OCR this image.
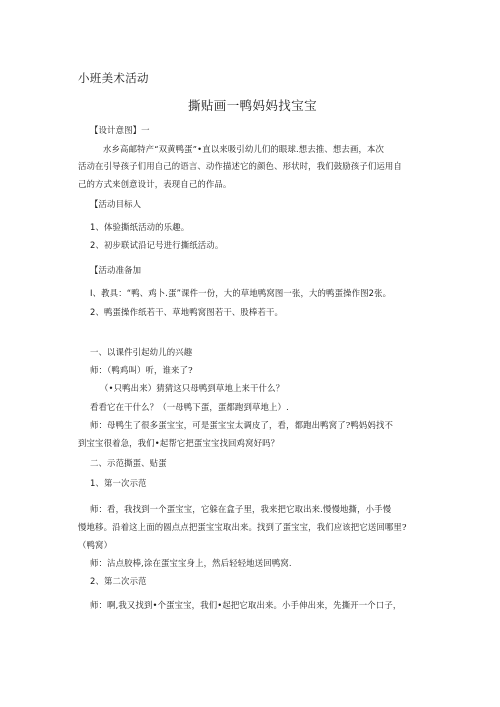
小班美术活动
撕贴画一鸭妈妈找宝宝
【设计意图】一
水乡高邮特产“双黄鸭蛋”•直以来吸引幼儿们的眼球.想去推、想去画，本次
活动在引导孩子们用自己的语言、动作描述它的颜色、形状时，我们鼓励孩子们运用自
己的方式来创意设计，表现自己的作品。
【活动目标人
1、体验撕纸活动的乐趣。
2、初步联试沿记号进行撕纸活动。
【活动准备加
I、教具：“鸭、鸡卜.蛋”课件一份，大的草地鸭窝图一张，大的鸭蛋操作图2张。
2、鸭蛋操作纸若干、草地鸭窝图若干、股棒若干。
一、以课件引起幼儿的兴趣
师：（鸭鸡叫）听，谁来了?
（•只鸭出来）猜猜这只母鸭到草地上来干什么？
看看它在干什么？（一母鸭下蛋，蛋都跑到草地上）.
师：母鸭生了很多蛋宝宝，可是蛋宝宝太调皮了，看，都跑出鸭窝了?鸭妈妈找不
到宝宝很着急，我们•起帮它把蛋宝宝找回鸡窝好吗？
二、示范撕蛋、贴蛋
1、第一次示范
师：看，我找到一个蛋宝宝，它躲在盒子里，我来把它取出来.慢慢地撕，小手慢
慢地移。沿着这上面的圆点点把蛋宝宝取出来。找到了蛋宝宝，我们应该把它送回哪里?
（鸭窝）
师：沾点胶棒,涂在蛋宝宝身上，然后轻轻地送回鸭窝.
2、第二次示范
师：啊,我又找到•个蛋宝宝，我们•起把它取出来。小手伸出来，先撕开一个口子，
